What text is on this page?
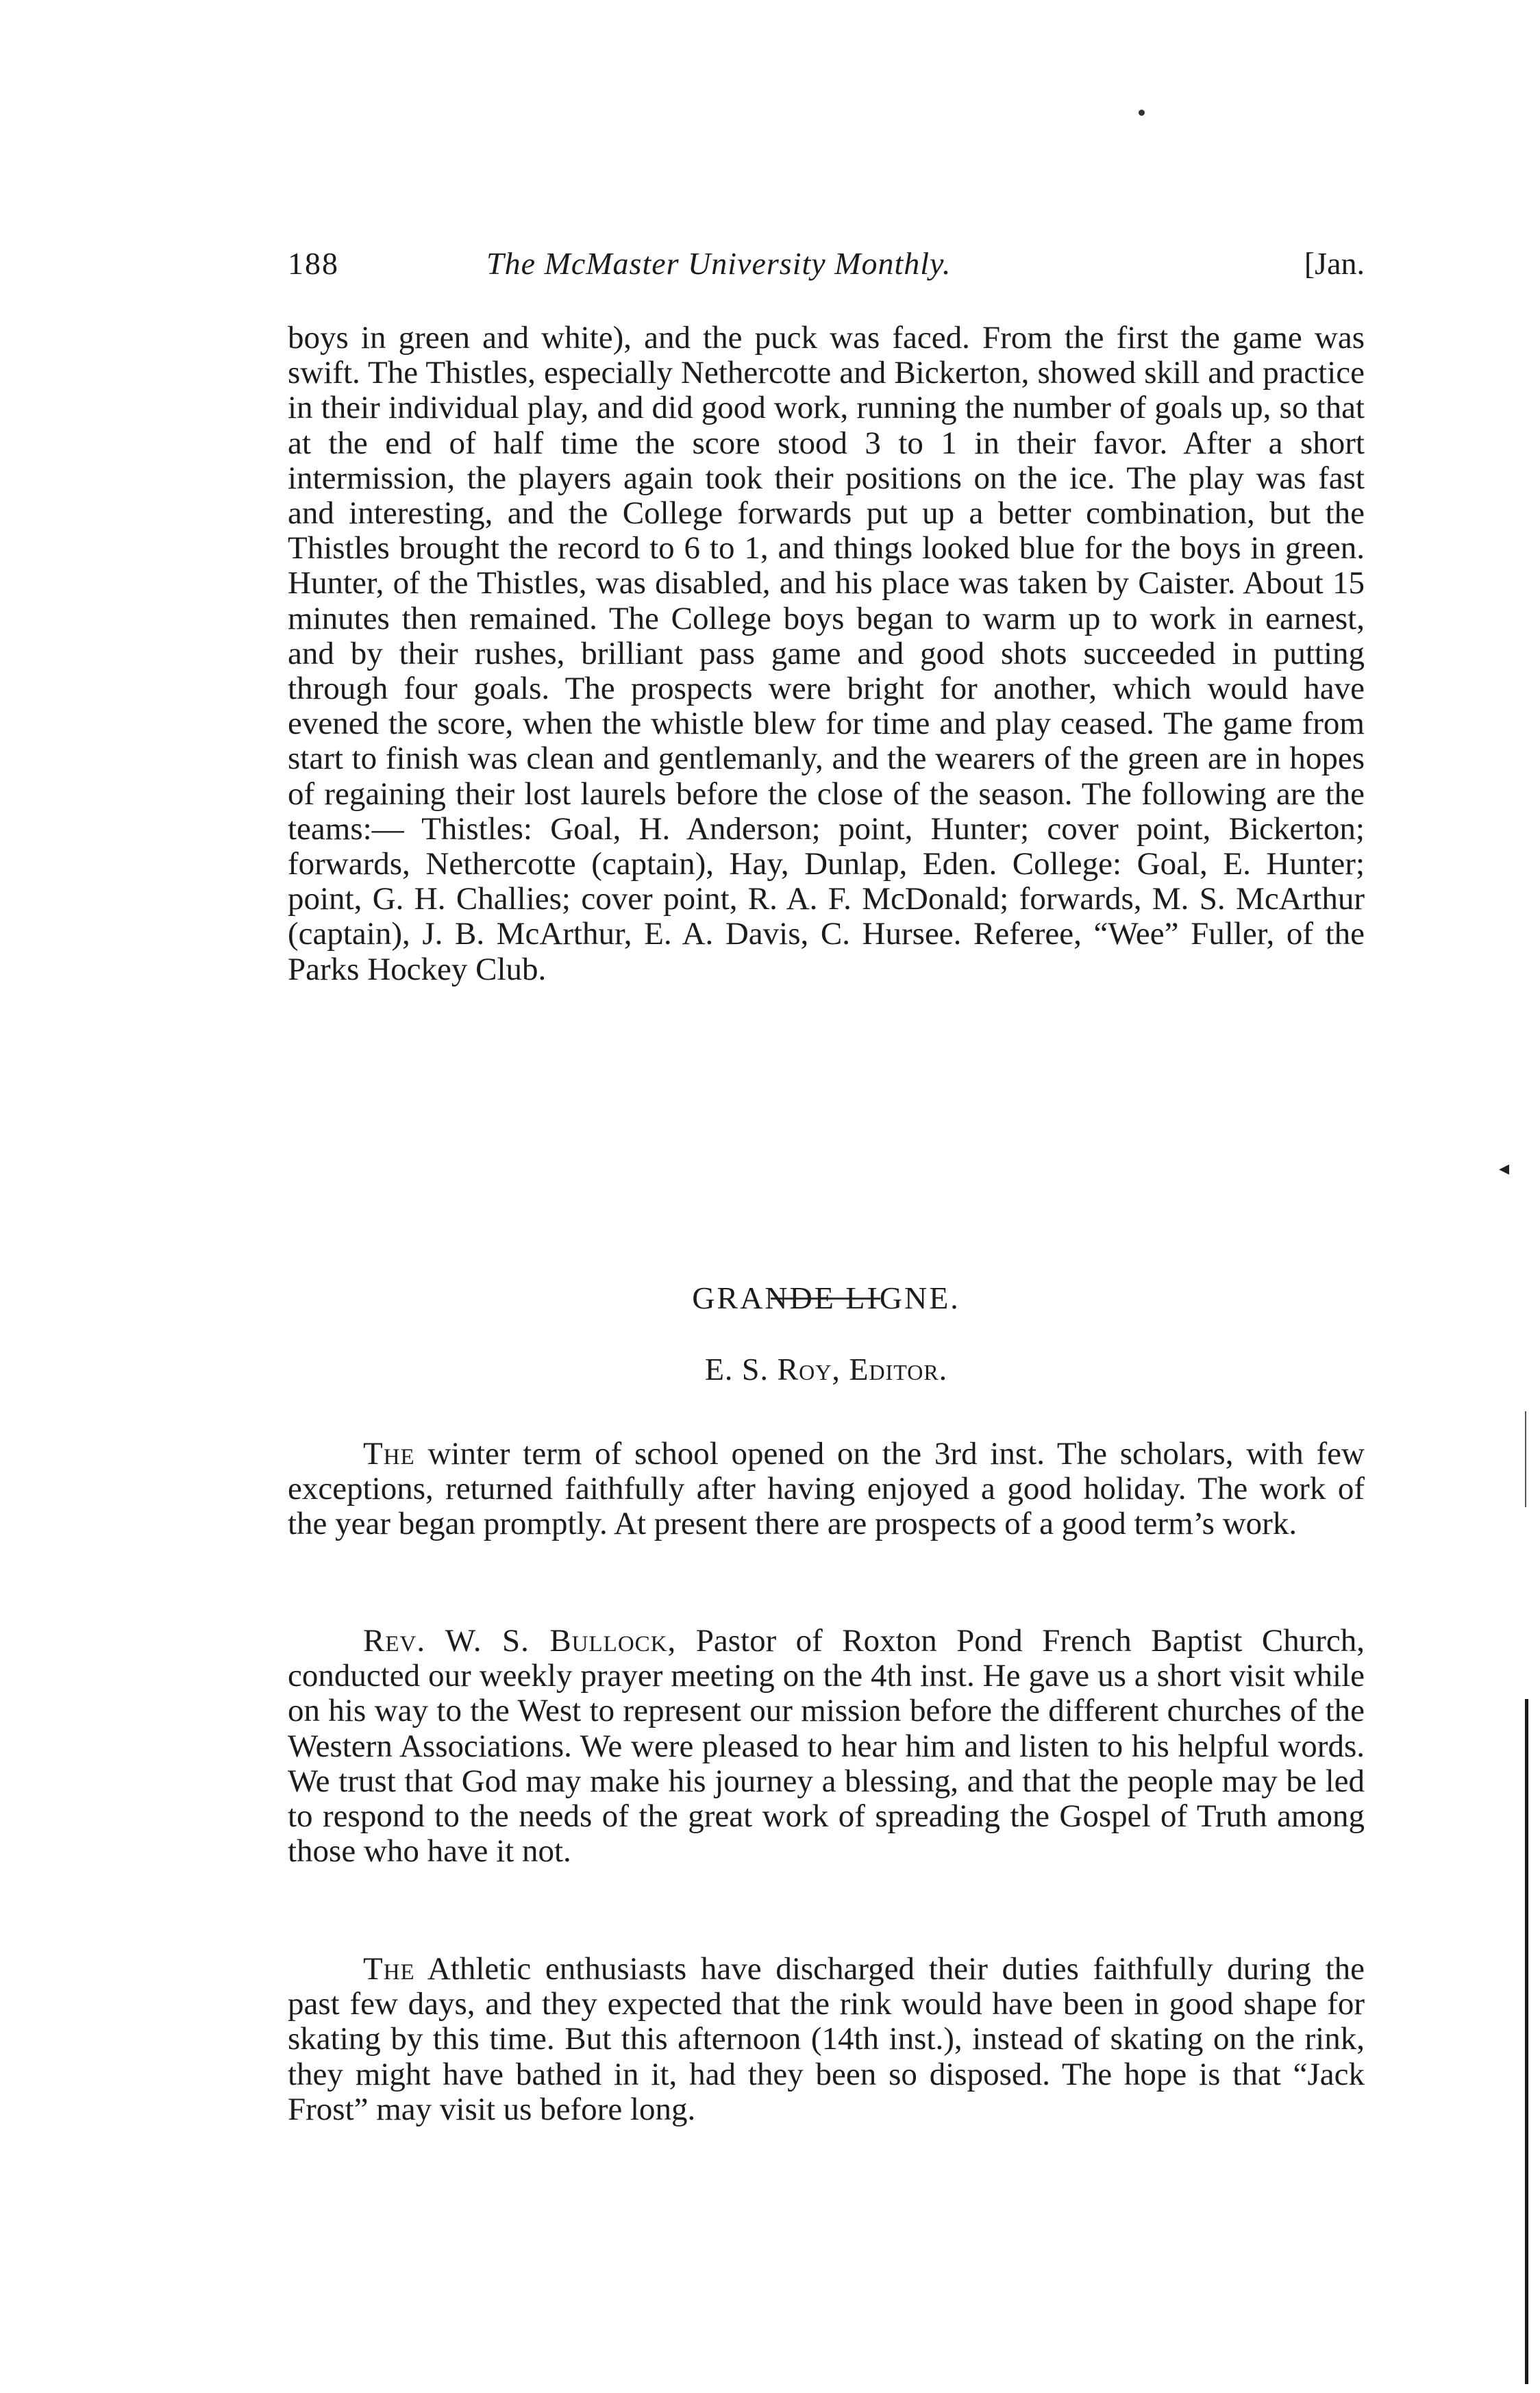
188	The McMaster University Monthly.	[Jan.

boys in green and white), and the puck was faced. From the first the game was swift. The Thistles, especially Nethercotte and Bickerton, showed skill and practice in their individual play, and did good work, running the number of goals up, so that at the end of half time the score stood 3 to 1 in their favor. After a short intermission, the players again took their positions on the ice. The play was fast and interesting, and the College forwards put up a better combination, but the Thistles brought the record to 6 to 1, and things looked blue for the boys in green. Hunter, of the Thistles, was disabled, and his place was taken by Caister. About 15 minutes then remained. The College boys began to warm up to work in earnest, and by their rushes, brilliant pass game and good shots succeeded in putting through four goals. The prospects were bright for another, which would have evened the score, when the whistle blew for time and play ceased. The game from start to finish was clean and gentlemanly, and the wearers of the green are in hopes of regaining their lost laurels before the close of the season. The following are the teams:— Thistles: Goal, H. Anderson; point, Hunter; cover point, Bickerton; forwards, Nethercotte (captain), Hay, Dunlap, Eden. College: Goal, E. Hunter; point, G. H. Challies; cover point, R. A. F. McDonald; forwards, M. S. McArthur (captain), J. B. McArthur, E. A. Davis, C. Hursee. Referee, “Wee” Fuller, of the Parks Hockey Club.

◂
GRANDE LIGNE.
E. S. Roy, Editor.

The winter term of school opened on the 3rd inst. The scholars, with few exceptions, returned faithfully after having enjoyed a good holiday. The work of the year began promptly. At present there are prospects of a good term’s work.

Rev. W. S. Bullock, Pastor of Roxton Pond French Baptist Church, conducted our weekly prayer meeting on the 4th inst. He gave us a short visit while on his way to the West to represent our mission before the different churches of the Western Associations. We were pleased to hear him and listen to his helpful words. We trust that God may make his journey a blessing, and that the people may be led to respond to the needs of the great work of spreading the Gospel of Truth among those who have it not.

The Athletic enthusiasts have discharged their duties faithfully during the past few days, and they expected that the rink would have been in good shape for skating by this time. But this afternoon (14th inst.), instead of skating on the rink, they might have bathed in it, had they been so disposed. The hope is that “Jack Frost” may visit us before long.
